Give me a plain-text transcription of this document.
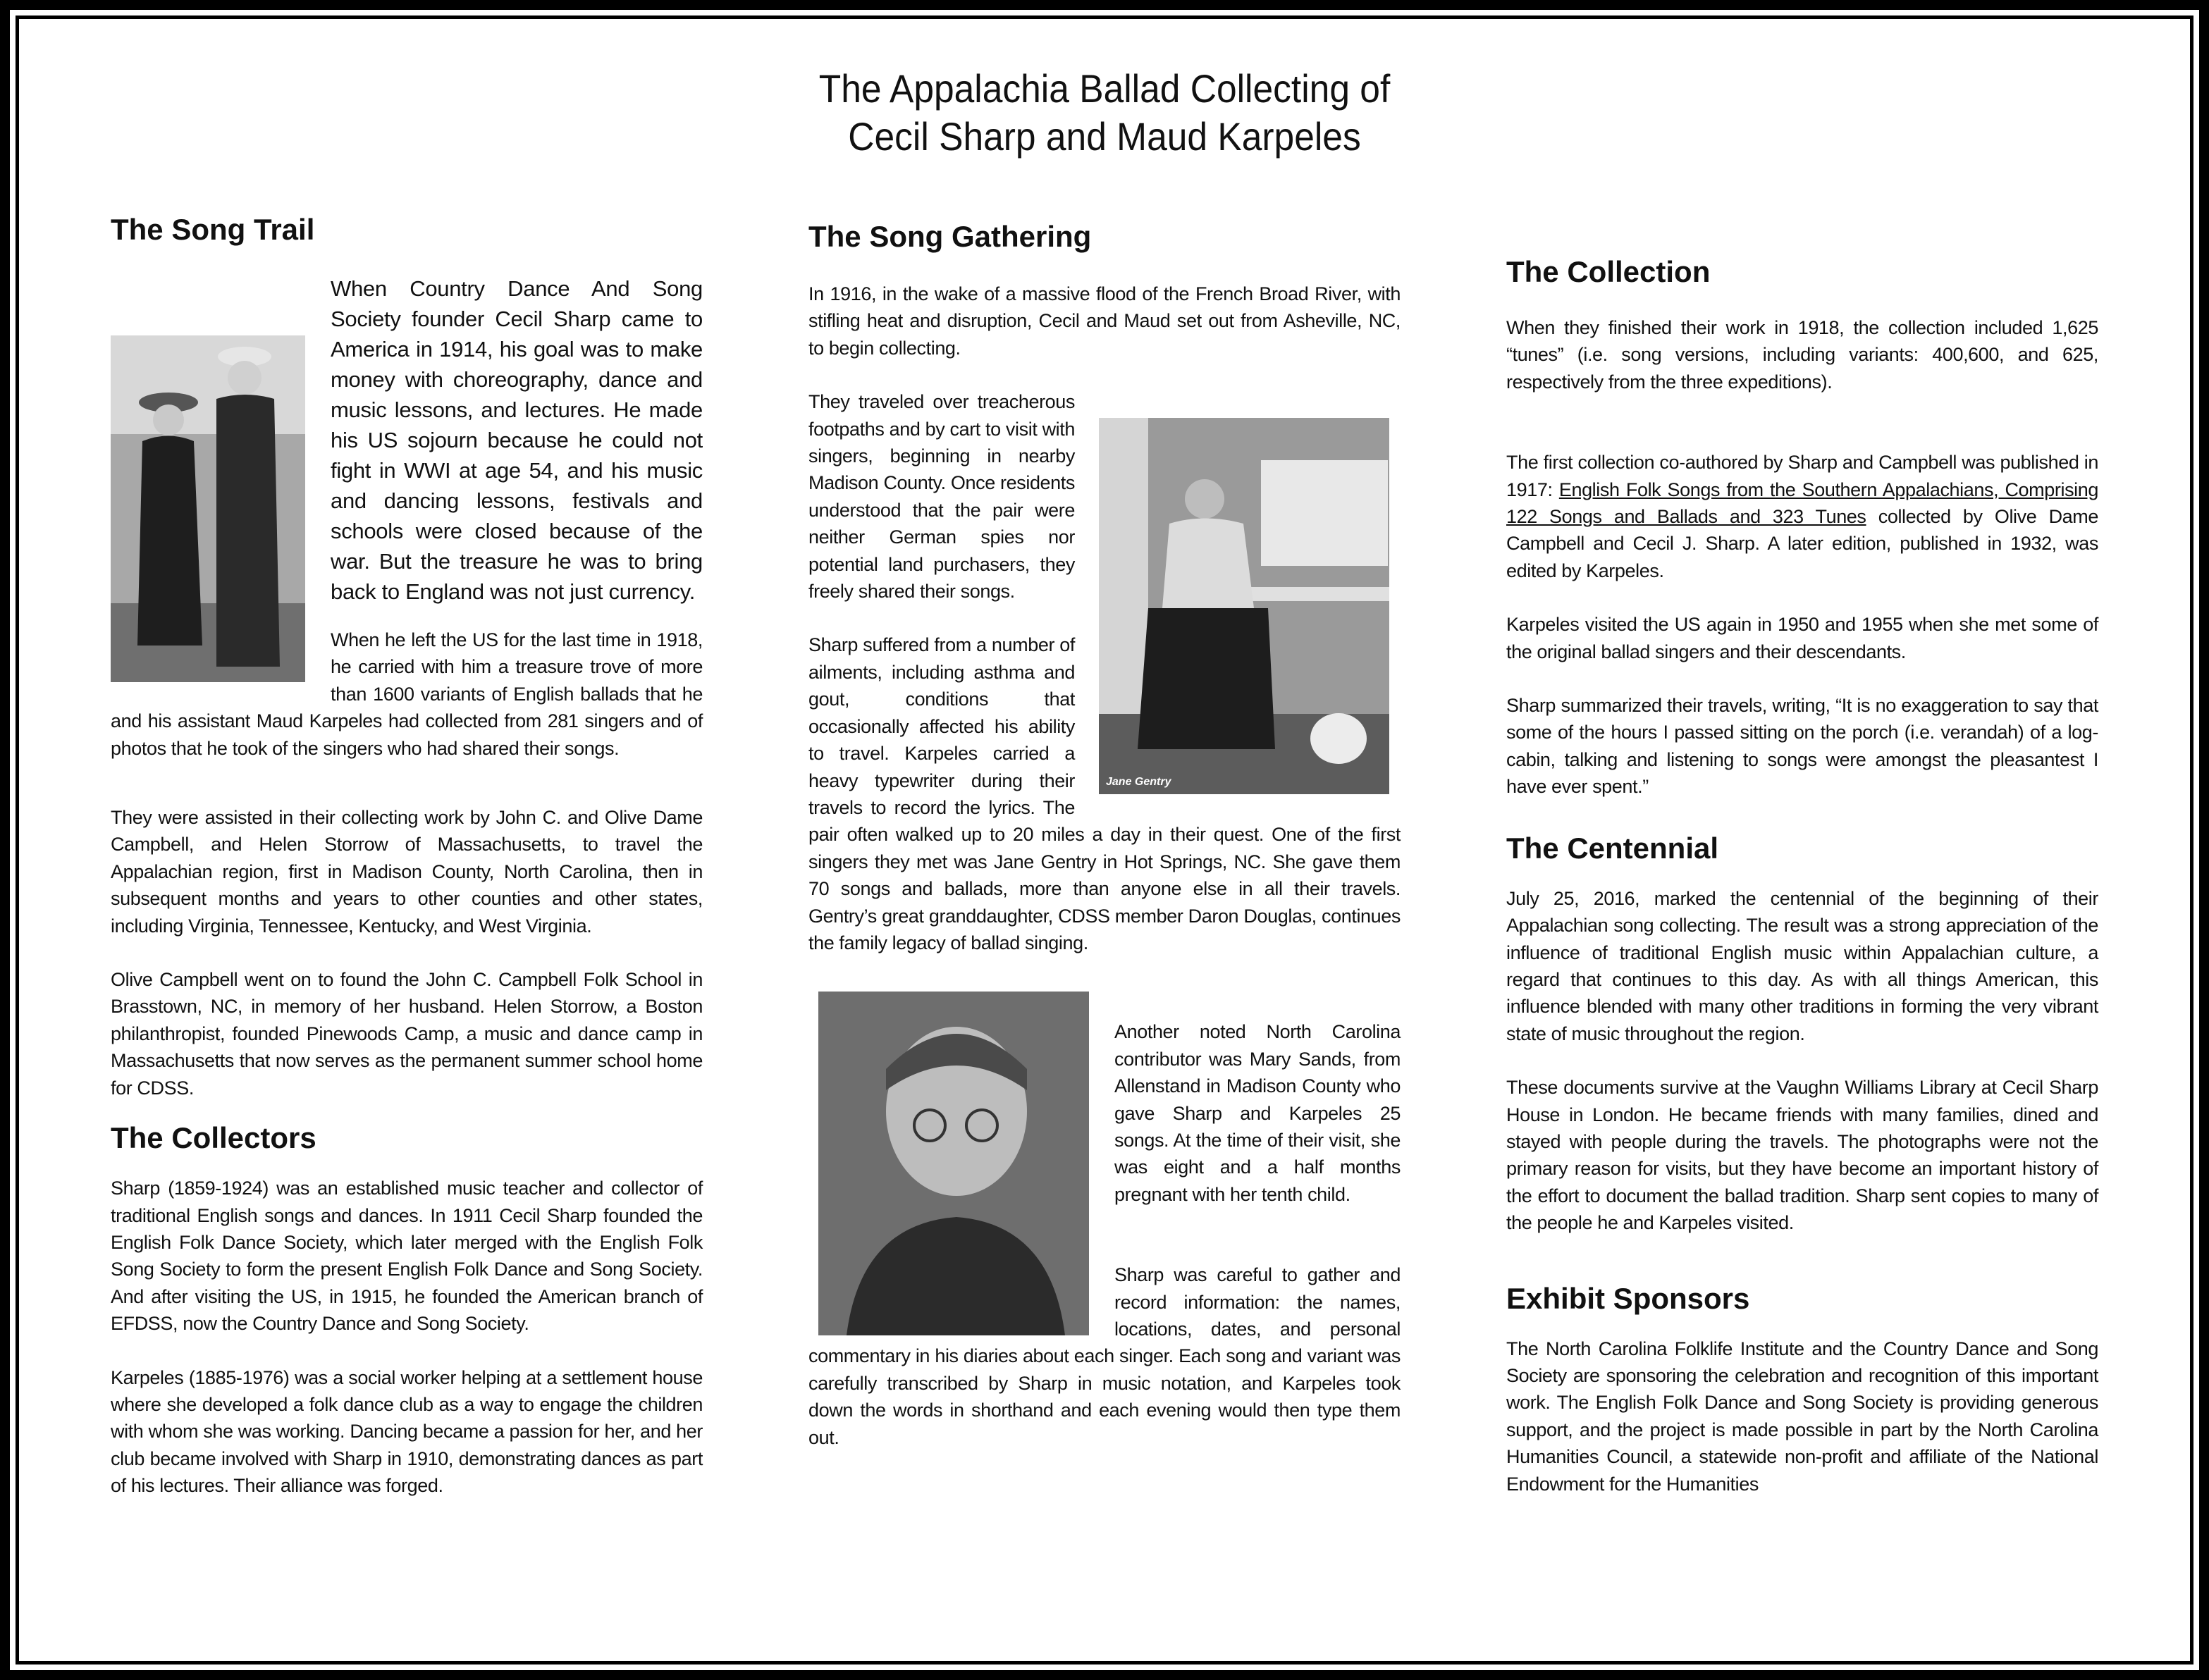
The Appalachia Ballad Collecting of
Cecil Sharp and Maud Karpeles
The Song Trail

When Country Dance And Song Society founder Cecil Sharp came to America in 1914, his goal was to make money with choreography, dance and music lessons, and lectures. He made his US sojourn because he could not fight in WWI at age 54, and his music and dancing lessons, festivals and schools were closed because of the war. But the treasure he was to bring back to England was not just currency.

When he left the US for the last time in 1918, he carried with him a treasure trove of more than 1600 variants of English ballads that he and his assistant Maud Karpeles had collected from 281 singers and of photos that he took of the singers who had shared their songs.

They were assisted in their collecting work by John C. and Olive Dame Campbell, and Helen Storrow of Massachusetts, to travel the Appalachian region, first in Madison County, North Carolina, then in subsequent months and years to other counties and other states, including Virginia, Tennessee, Kentucky, and West Virginia.

Olive Campbell went on to found the John C. Campbell Folk School in Brasstown, NC, in memory of her husband. Helen Storrow, a Boston philanthropist, founded Pinewoods Camp, a music and dance camp in Massachusetts that now serves as the permanent summer school home for CDSS.

The Collectors

Sharp (1859-1924) was an established music teacher and collector of traditional English songs and dances. In 1911 Cecil Sharp founded the English Folk Dance Society, which later merged with the English Folk Song Society to form the present English Folk Dance and Song Society. And after visiting the US, in 1915, he founded the American branch of EFDSS, now the Country Dance and Song Society.

Karpeles (1885-1976) was a social worker helping at a settlement house where she developed a folk dance club as a way to engage the children with whom she was working. Dancing became a passion for her, and her club became involved with Sharp in 1910, demonstrating dances as part of his lectures. Their alliance was forged.

The Song Gathering

In 1916, in the wake of a massive flood of the French Broad River, with stifling heat and disruption, Cecil and Maud set out from Asheville, NC, to begin collecting.

Jane Gentry

They traveled over treacherous footpaths and by cart to visit with singers, beginning in nearby Madison County. Once residents understood that the pair were neither German spies nor potential land purchasers, they freely shared their songs.

Sharp suffered from a number of ailments, including asthma and gout, conditions that occasionally affected his ability to travel. Karpeles carried a heavy typewriter during their travels to record the lyrics. The pair often walked up to 20 miles a day in their quest. One of the first singers they met was Jane Gentry in Hot Springs, NC. She gave them 70 songs and ballads, more than anyone else in all their travels. Gentry’s great granddaughter, CDSS member Daron Douglas, continues the family legacy of ballad singing.

Another noted North Carolina contributor was Mary Sands, from Allenstand in Madison County who gave Sharp and Karpeles 25 songs. At the time of their visit, she was eight and a half months pregnant with her tenth child.

Sharp was careful to gather and record information: the names, locations, dates, and personal commentary in his diaries about each singer. Each song and variant was carefully transcribed by Sharp in music notation, and Karpeles took down the words in shorthand and each evening would then type them out.

The Collection

When they finished their work in 1918, the collection included 1,625 “tunes” (i.e. song versions, including variants: 400,600, and 625, respectively from the three expeditions).

The first collection co-authored by Sharp and Campbell was published in 1917: English Folk Songs from the Southern Appalachians, Comprising 122 Songs and Ballads and 323 Tunes collected by Olive Dame Campbell and Cecil J. Sharp. A later edition, published in 1932, was edited by Karpeles.

Karpeles visited the US again in 1950 and 1955 when she met some of the original ballad singers and their descendants.

Sharp summarized their travels, writing, “It is no exaggeration to say that some of the hours I passed sitting on the porch (i.e. verandah) of a log-cabin, talking and listening to songs were amongst the pleasantest I have ever spent.”

The Centennial

July 25, 2016, marked the centennial of the beginning of their Appalachian song collecting. The result was a strong appreciation of the influence of traditional English music within Appalachian culture, a regard that continues to this day. As with all things American, this influence blended with many other traditions in forming the very vibrant state of music throughout the region.

These documents survive at the Vaughn Williams Library at Cecil Sharp House in London. He became friends with many families, dined and stayed with people during the travels. The photographs were not the primary reason for visits, but they have become an important history of the effort to document the ballad tradition. Sharp sent copies to many of the people he and Karpeles visited.

Exhibit Sponsors

The North Carolina Folklife Institute and the Country Dance and Song Society are sponsoring the celebration and recognition of this important work. The English Folk Dance and Song Society is providing generous support, and the project is made possible in part by the North Carolina Humanities Council, a statewide non-profit and affiliate of the National Endowment for the Humanities
